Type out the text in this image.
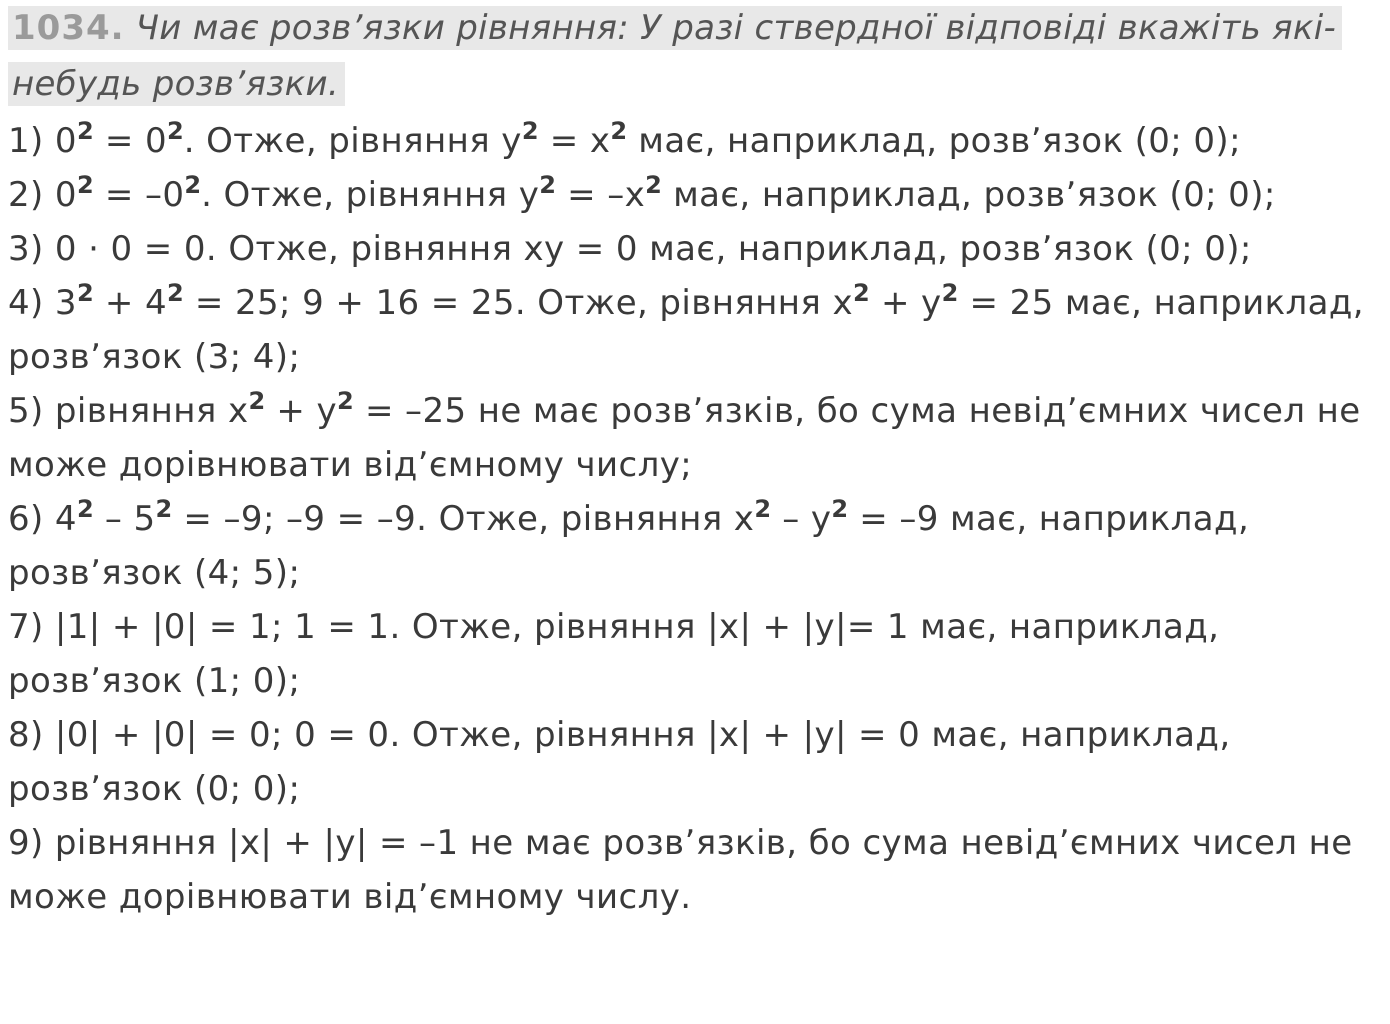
1034. Чи має розв’язки рівняння: У разі ствердної відповіді вкажіть які-небудь розв’язки.

1) $0^2 = 0^2$. Отже, рівняння $y^2 = x^2$ має, наприклад, розв’язок (0; 0);
2) $0^2 = -0^2$. Отже, рівняння $y^2 = -x^2$ має, наприклад, розв’язок (0; 0);
3) 0 · 0 = 0. Отже, рівняння xy = 0 має, наприклад, розв’язок (0; 0);
4) $3^2 + 4^2 = 25$; 9 + 16 = 25. Отже, рівняння $x^2 + y^2 = 25$ має, наприклад, розв’язок (3; 4);
5) рівняння $x^2 + y^2 = -25$ не має розв’язків, бо сума невід’ємних чисел не може дорівнювати від’ємному числу;
6) $4^2 - 5^2 = -9$; –9 = –9. Отже, рівняння $x^2 - y^2 = -9$ має, наприклад, розв’язок (4; 5);
7) |1| + |0| = 1; 1 = 1. Отже, рівняння |x| + |y|= 1 має, наприклад, розв’язок (1; 0);
8) |0| + |0| = 0; 0 = 0. Отже, рівняння |x| + |y| = 0 має, наприклад, розв’язок (0; 0);
9) рівняння |x| + |y| = –1 не має розв’язків, бо сума невід’ємних чисел не може дорівнювати від’ємному числу.
